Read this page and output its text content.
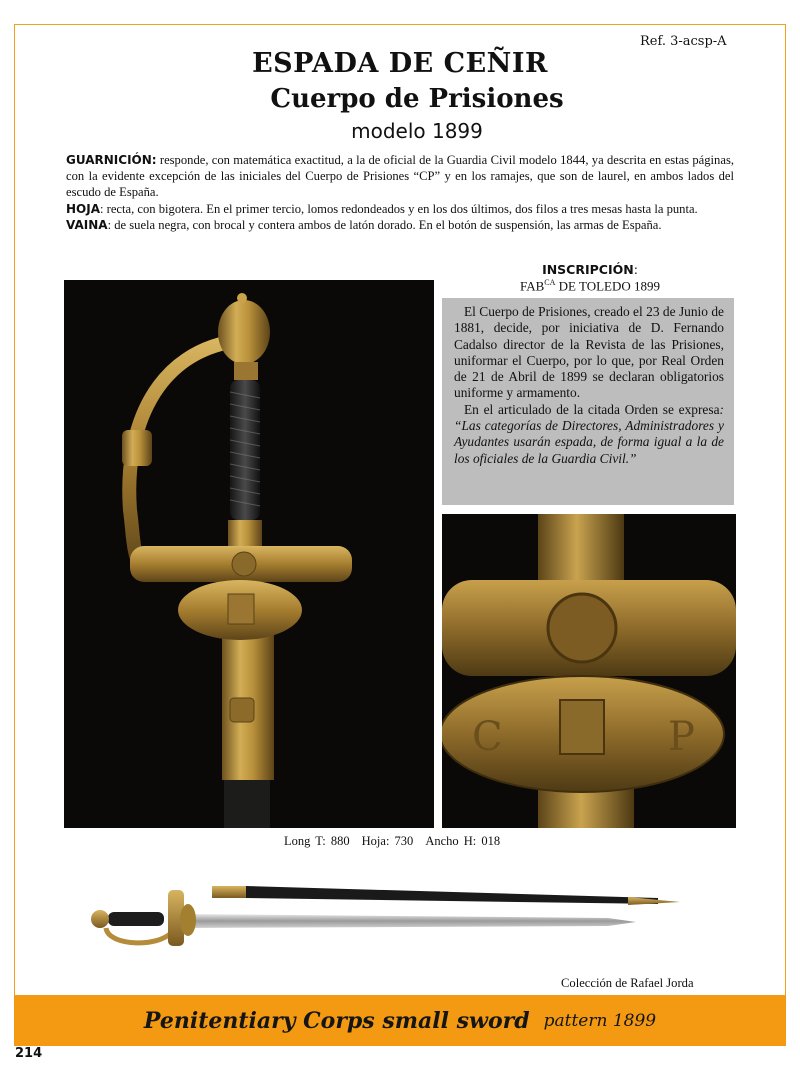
Ref. 3-acsp-A
ESPADA DE CEÑIR
Cuerpo de Prisiones
modelo 1899

GUARNICIÓN: responde, con matemática exactitud, a la de oficial de la Guardia Civil modelo 1844, ya descrita en estas páginas, con la evidente excepción de las iniciales del Cuerpo de Prisiones “CP” y en los ramajes, que son de laurel, en ambos lados del escudo de España.

HOJA: recta, con bigotera. En el primer tercio, lomos redondeados y en los dos últimos, dos filos a tres mesas hasta la punta.

VAINA: de suela negra, con brocal y contera ambos de latón dorado. En el botón de suspensión, las armas de España.

INSCRIPCIÓN:
$FAB^{CA}$ DE TOLEDO 1899

El Cuerpo de Prisiones, creado el 23 de Junio de 1881, decide, por iniciativa de D. Fernando Cadalso director de la Revista de las Prisiones, uniformar el Cuerpo, por lo que, por Real Orden de 21 de Abril de 1899 se declaran obligatorios uniforme y armamento.

En el articulado de la citada Orden se expresa: “Las categorías de Directores, Administradores y Ayudantes usarán espada, de forma igual a la de los oficiales de la Guardia Civil.”

C	P
Long T: 880 Hoja: 730 Ancho H: 018
Colección de Rafael Jorda
Penitentiary Corps small sword pattern 1899
214
